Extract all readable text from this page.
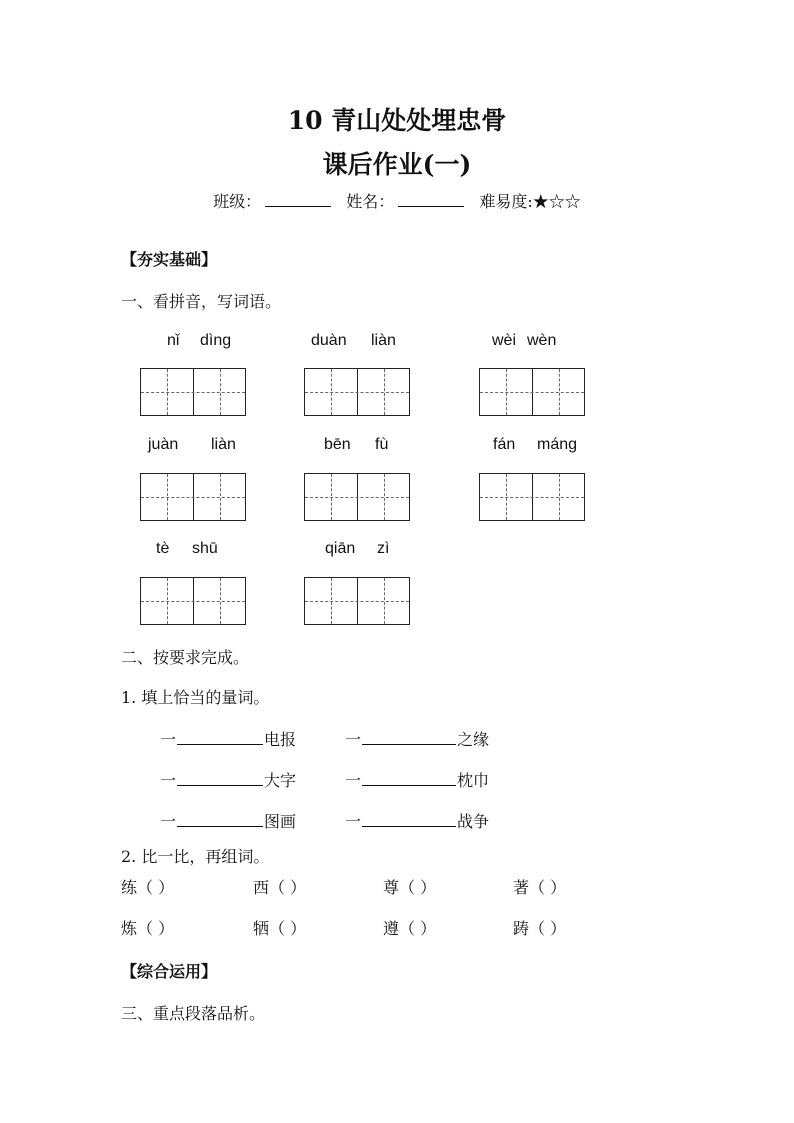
10 青山处处埋忠骨
课后作业(一)
班级：	姓名：	难易度:★☆☆
【夯实基础】
一、看拼音，写词语。
nǐ dìng	duàn liàn	wèi wèn
juàn liàn	bēn fù	fán máng
tè shū	qiān zì
二、按要求完成。
1. 填上恰当的量词。
一	电报	一	之缘
一	大字	一	枕巾
一	图画	一	战争
2. 比一比，再组词。
练（ ）	西（ ）	尊（ ）	著（ ）
炼（ ）	牺（ ）	遵（ ）	踌（ ）
【综合运用】
三、重点段落品析。
